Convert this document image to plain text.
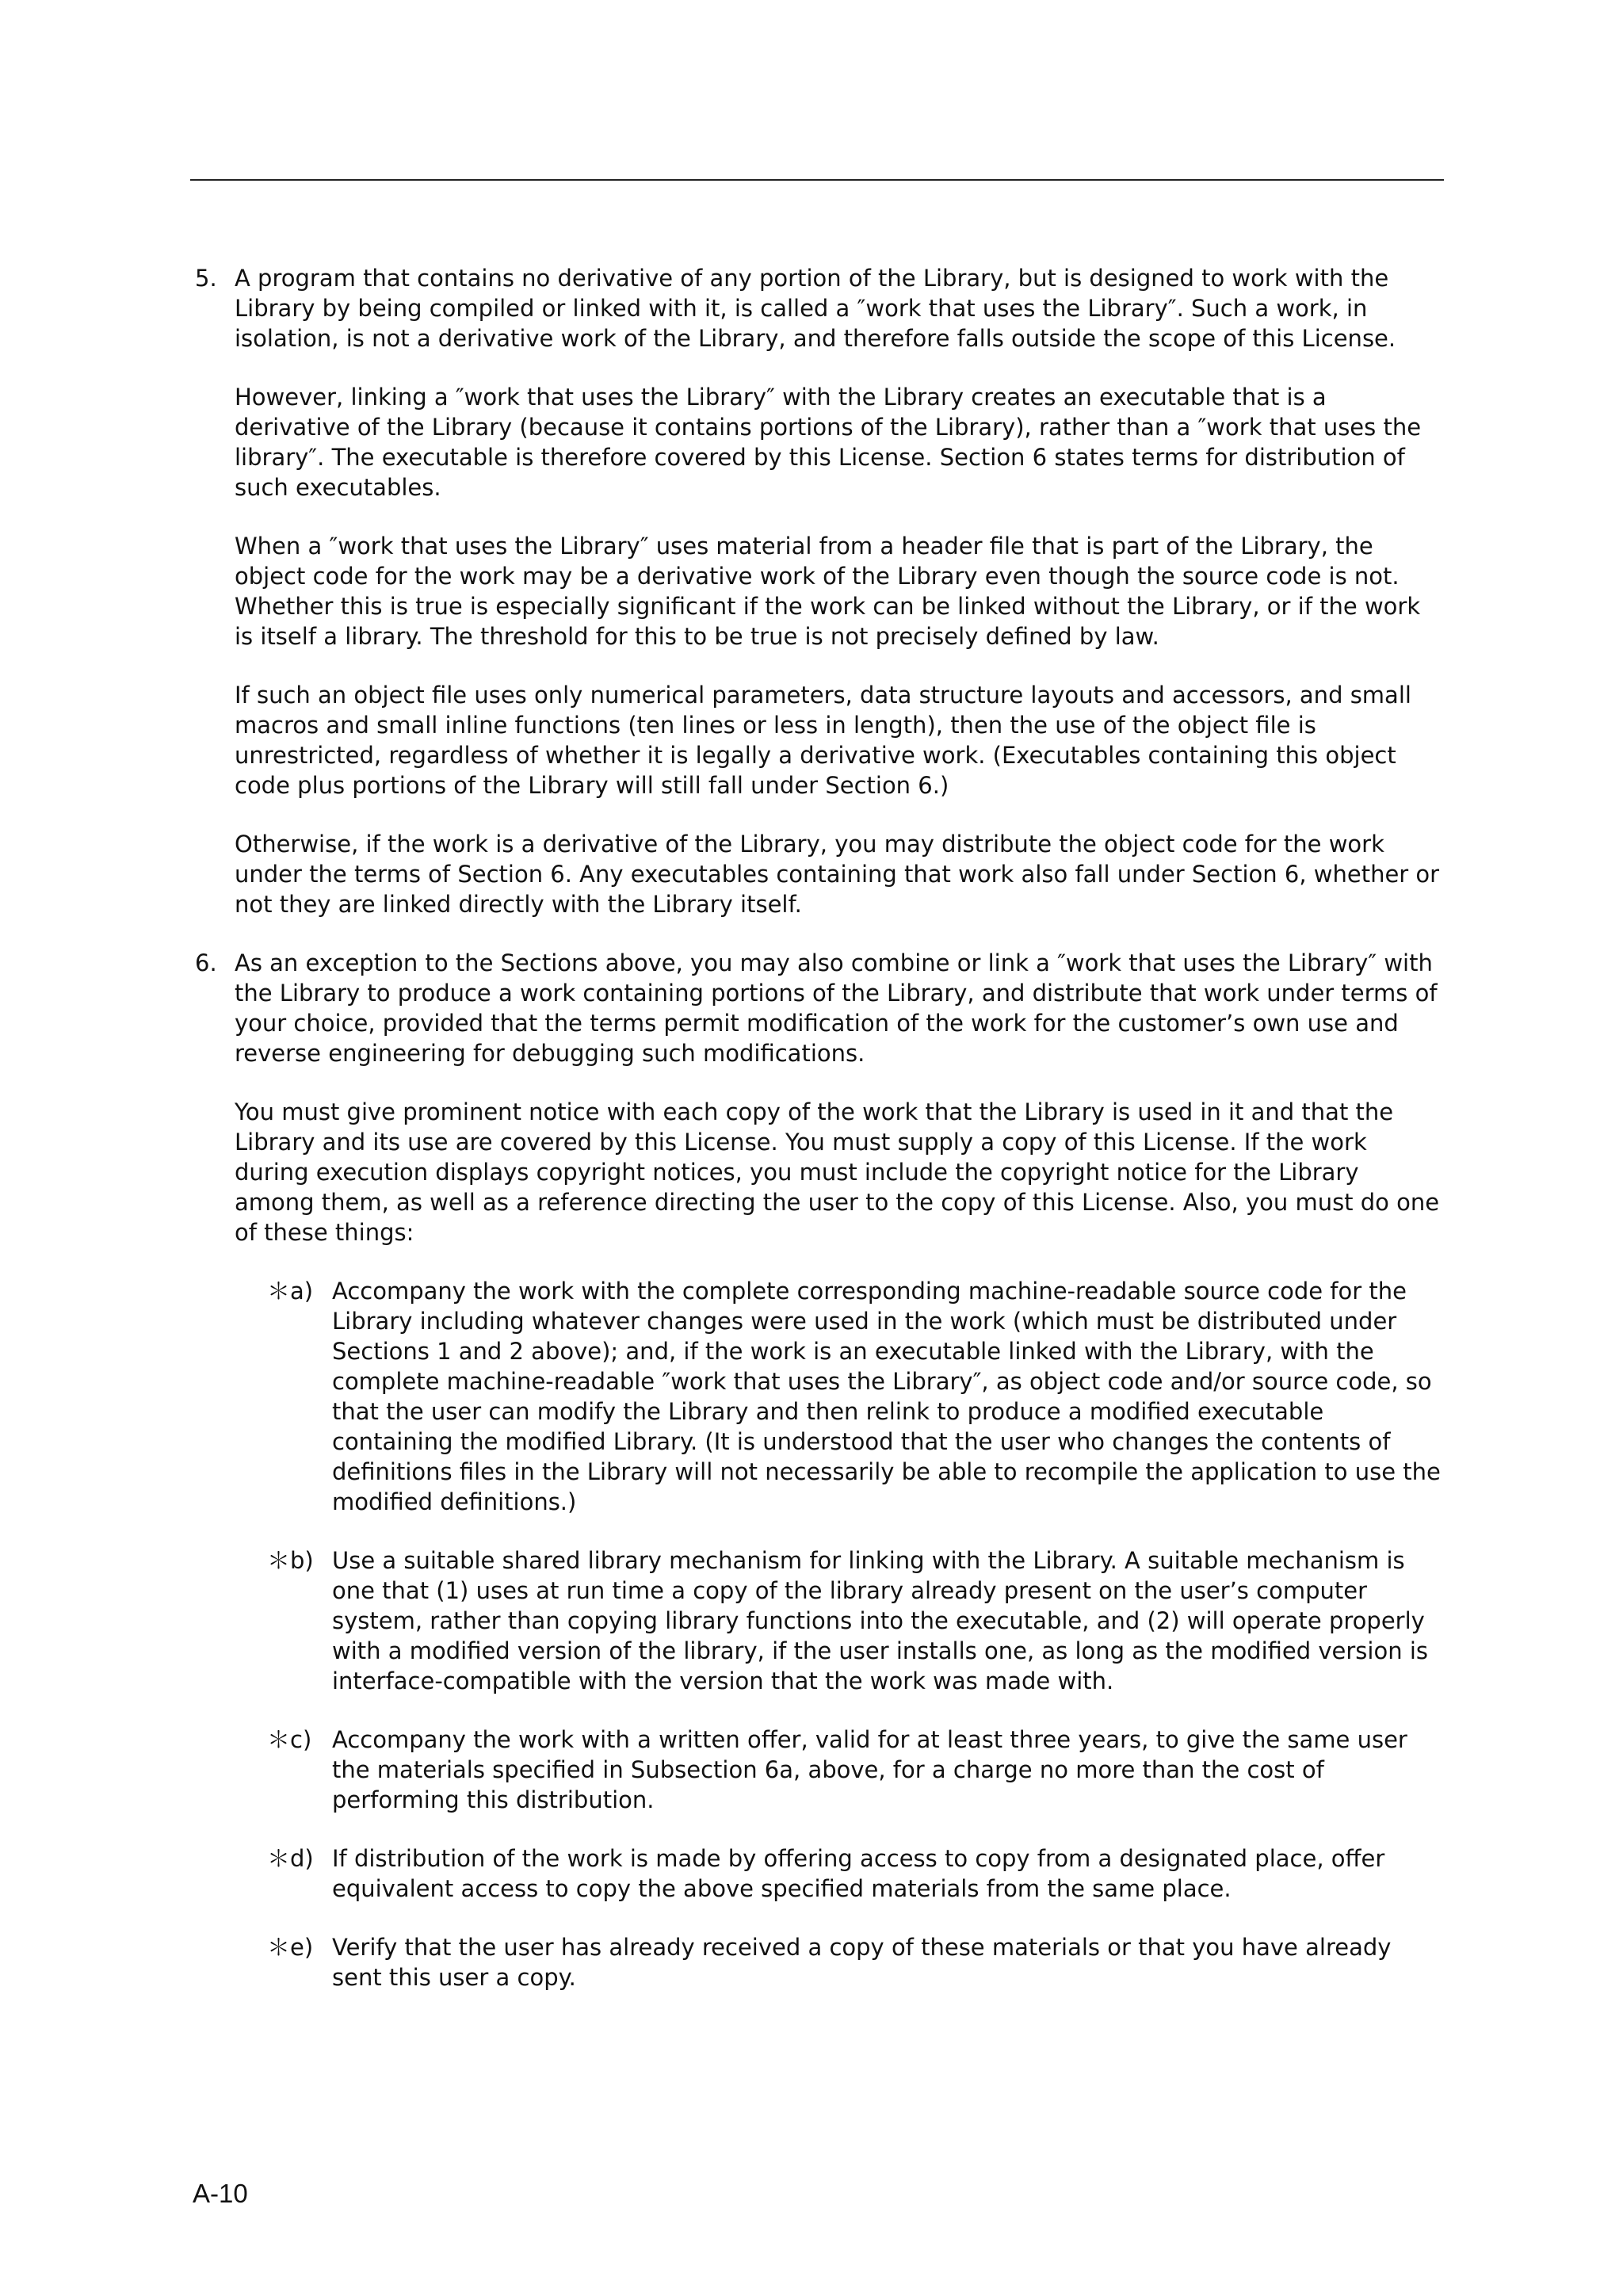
5. A program that contains no derivative of any portion of the Library, but is designed to work with the Library by being compiled or linked with it, is called a ″work that uses the Library″. Such a work, in isolation, is not a derivative work of the Library, and therefore falls outside the scope of this License.

However, linking a ″work that uses the Library″ with the Library creates an executable that is a derivative of the Library (because it contains portions of the Library), rather than a ″work that uses the library″. The executable is therefore covered by this License. Section 6 states terms for distribution of such executables.

When a ″work that uses the Library″ uses material from a header file that is part of the Library, the object code for the work may be a derivative work of the Library even though the source code is not. Whether this is true is especially significant if the work can be linked without the Library, or if the work is itself a library. The threshold for this to be true is not precisely defined by law.

If such an object file uses only numerical parameters, data structure layouts and accessors, and small macros and small inline functions (ten lines or less in length), then the use of the object file is unrestricted, regardless of whether it is legally a derivative work. (Executables containing this object code plus portions of the Library will still fall under Section 6.)

Otherwise, if the work is a derivative of the Library, you may distribute the object code for the work under the terms of Section 6. Any executables containing that work also fall under Section 6, whether or not they are linked directly with the Library itself.

6. As an exception to the Sections above, you may also combine or link a ″work that uses the Library″ with the Library to produce a work containing portions of the Library, and distribute that work under terms of your choice, provided that the terms permit modification of the work for the customer’s own use and reverse engineering for debugging such modifications.

You must give prominent notice with each copy of the work that the Library is used in it and that the Library and its use are covered by this License. You must supply a copy of this License. If the work during execution displays copyright notices, you must include the copyright notice for the Library among them, as well as a reference directing the user to the copy of this License. Also, you must do one of these things:

＊a) Accompany the work with the complete corresponding machine-readable source code for the Library including whatever changes were used in the work (which must be distributed under Sections 1 and 2 above); and, if the work is an executable linked with the Library, with the complete machine-readable ″work that uses the Library″, as object code and/or source code, so that the user can modify the Library and then relink to produce a modified executable containing the modified Library. (It is understood that the user who changes the contents of definitions files in the Library will not necessarily be able to recompile the application to use the modified definitions.)
＊b) Use a suitable shared library mechanism for linking with the Library. A suitable mechanism is one that (1) uses at run time a copy of the library already present on the user’s computer system, rather than copying library functions into the executable, and (2) will operate properly with a modified version of the library, if the user installs one, as long as the modified version is interface-compatible with the version that the work was made with.
＊c) Accompany the work with a written offer, valid for at least three years, to give the same user the materials specified in Subsection 6a, above, for a charge no more than the cost of performing this distribution.
＊d) If distribution of the work is made by offering access to copy from a designated place, offer equivalent access to copy the above specified materials from the same place.
＊e) Verify that the user has already received a copy of these materials or that you have already sent this user a copy.
A-10
